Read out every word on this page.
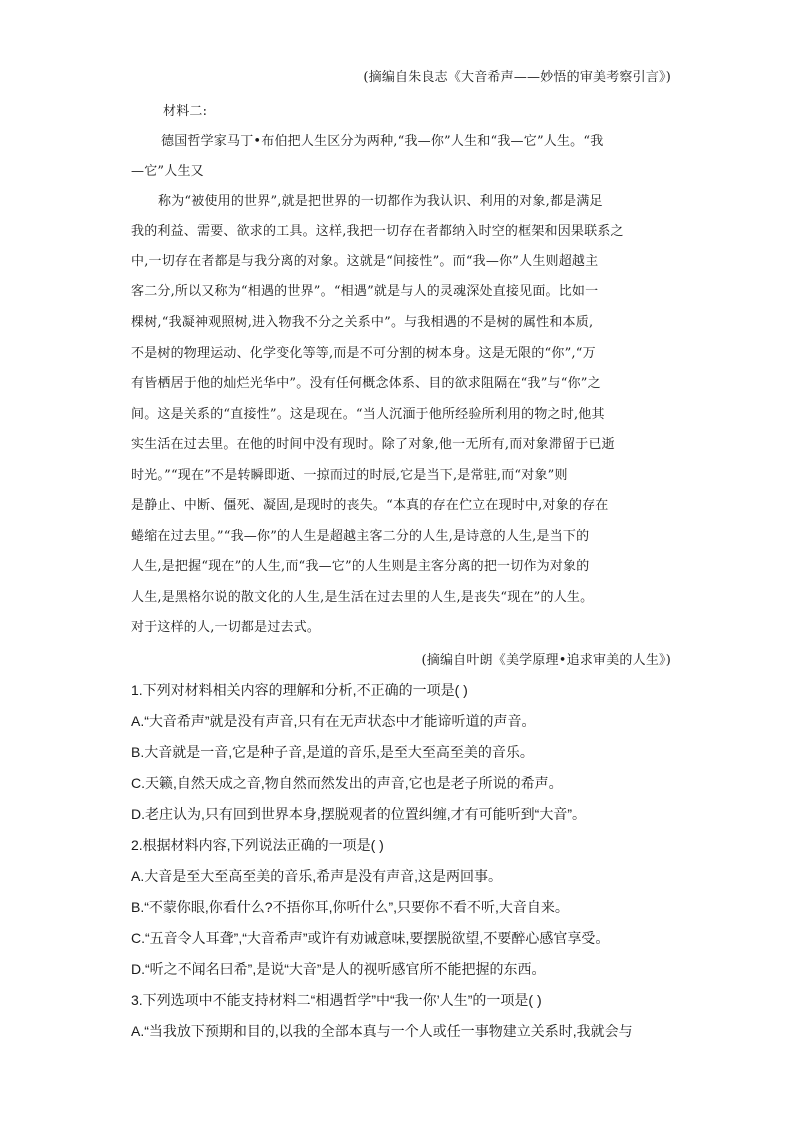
(摘编自朱良志《大音希声——妙悟的审美考察引言》)
材料二:
德国哲学家马丁•布伯把人生区分为两种,“我—你”人生和“我—它”人生。“我
—它”人生又
称为“被使用的世界”,就是把世界的一切都作为我认识、利用的对象,都是满足
我的利益、需要、欲求的工具。这样,我把一切存在者都纳入时空的框架和因果联系之
中,一切存在者都是与我分离的对象。这就是“间接性”。而“我—你”人生则超越主
客二分,所以又称为“相遇的世界”。“相遇”就是与人的灵魂深处直接见面。比如一
棵树,“我凝神观照树,进入物我不分之关系中”。与我相遇的不是树的属性和本质,
不是树的物理运动、化学变化等等,而是不可分割的树本身。这是无限的“你”,“万
有皆栖居于他的灿烂光华中”。没有任何概念体系、目的欲求阻隔在“我”与“你”之
间。这是关系的“直接性”。这是现在。“当人沉湎于他所经验所利用的物之时,他其
实生活在过去里。在他的时间中没有现时。除了对象,他一无所有,而对象滞留于已逝
时光。”“现在”不是转瞬即逝、一掠而过的时辰,它是当下,是常驻,而“对象”则
是静止、中断、僵死、凝固,是现时的丧失。“本真的存在伫立在现时中,对象的存在
蜷缩在过去里。”“我—你”的人生是超越主客二分的人生,是诗意的人生,是当下的
人生,是把握“现在”的人生,而“我—它”的人生则是主客分离的把一切作为对象的
人生,是黑格尔说的散文化的人生,是生活在过去里的人生,是丧失“现在”的人生。
对于这样的人,一切都是过去式。
(摘编自叶朗《美学原理•追求审美的人生》)
1.下列对材料相关内容的理解和分析,不正确的一项是( )
A.“大音希声”就是没有声音,只有在无声状态中才能谛听道的声音。
B.大音就是一音,它是种子音,是道的音乐,是至大至高至美的音乐。
C.天籁,自然天成之音,物自然而然发出的声音,它也是老子所说的希声。
D.老庄认为,只有回到世界本身,摆脱观者的位置纠缠,才有可能听到“大音”。
2.根据材料内容,下列说法正确的一项是( )
A.大音是至大至高至美的音乐,希声是没有声音,这是两回事。
B.“不蒙你眼,你看什么?不捂你耳,你听什么”,只要你不看不听,大音自来。
C.“五音令人耳聋”,“大音希声”或许有劝诫意味,要摆脱欲望,不要醉心感官享受。
D.“听之不闻名曰希”,是说“大音”是人的视听感官所不能把握的东西。
3.下列选项中不能支持材料二“相遇哲学”中“我一你’人生”的一项是( )
A.“当我放下预期和目的,以我的全部本真与一个人或任一事物建立关系时,我就会与
